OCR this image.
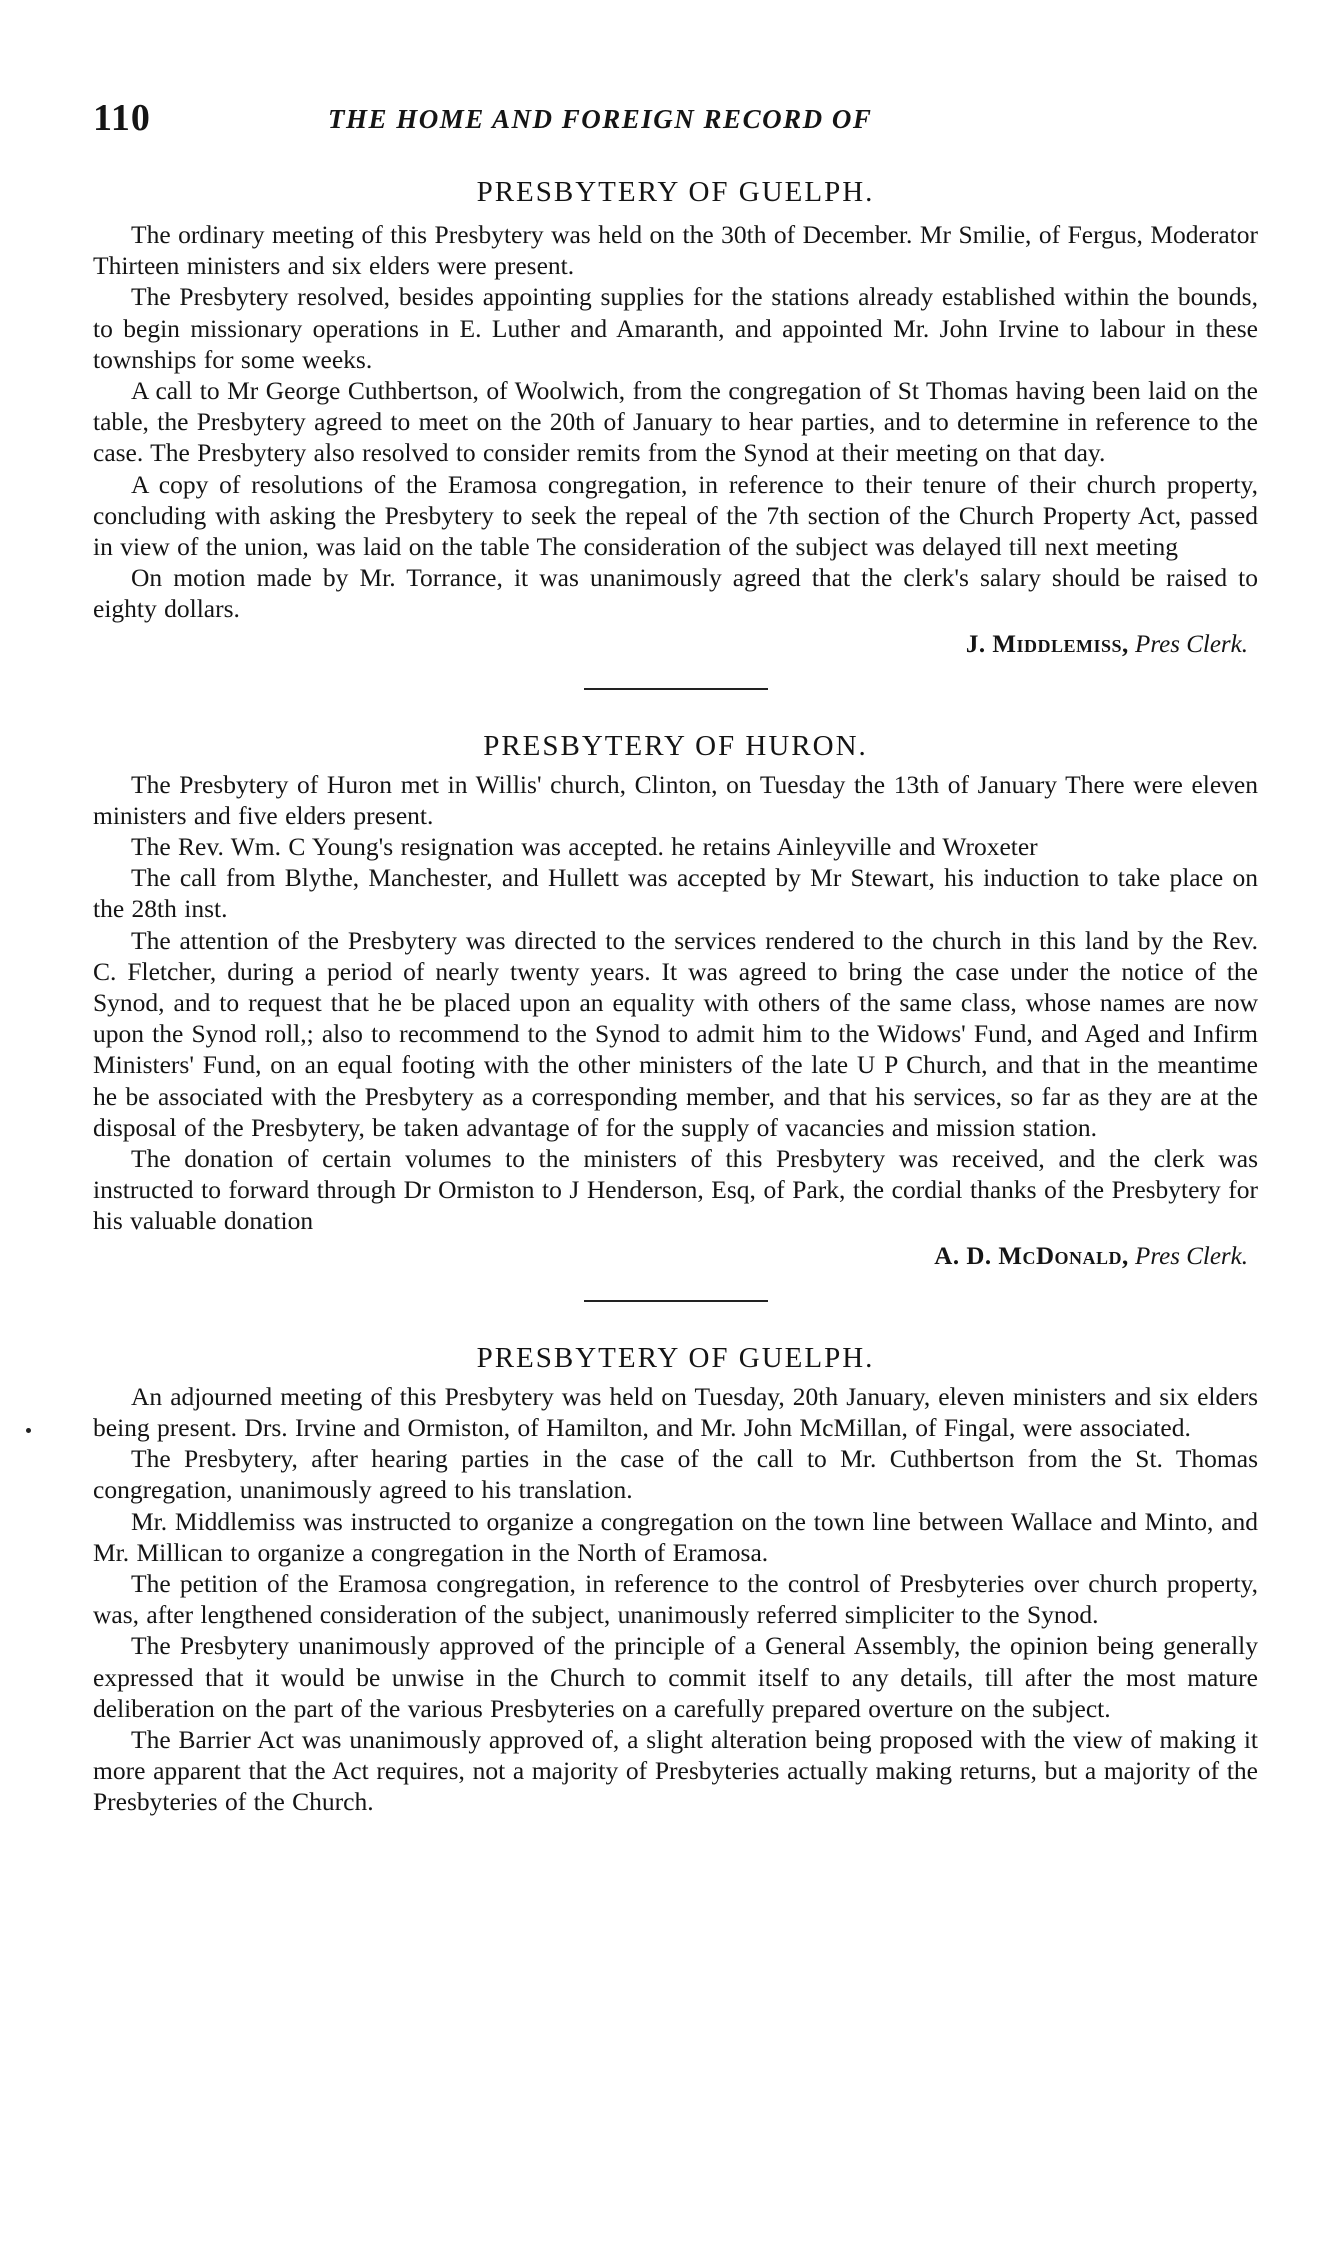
110	THE HOME AND FOREIGN RECORD OF
PRESBYTERY OF GUELPH.

The ordinary meeting of this Presbytery was held on the 30th of December. Mr Smilie, of Fergus, Moderator Thirteen ministers and six elders were present.

The Presbytery resolved, besides appointing supplies for the stations already established within the bounds, to begin missionary operations in E. Luther and Amaranth, and appointed Mr. John Irvine to labour in these townships for some weeks.

A call to Mr George Cuthbertson, of Woolwich, from the congregation of St Thomas having been laid on the table, the Presbytery agreed to meet on the 20th of January to hear parties, and to determine in reference to the case. The Presbytery also resolved to consider remits from the Synod at their meeting on that day.

A copy of resolutions of the Eramosa congregation, in reference to their tenure of their church property, concluding with asking the Presbytery to seek the repeal of the 7th section of the Church Property Act, passed in view of the union, was laid on the table The consideration of the subject was delayed till next meeting

On motion made by Mr. Torrance, it was unanimously agreed that the clerk's salary should be raised to eighty dollars.

J. Middlemiss, Pres Clerk.
PRESBYTERY OF HURON.

The Presbytery of Huron met in Willis' church, Clinton, on Tuesday the 13th of January There were eleven ministers and five elders present.

The Rev. Wm. C Young's resignation was accepted. he retains Ainleyville and Wroxeter

The call from Blythe, Manchester, and Hullett was accepted by Mr Stewart, his induction to take place on the 28th inst.

The attention of the Presbytery was directed to the services rendered to the church in this land by the Rev. C. Fletcher, during a period of nearly twenty years. It was agreed to bring the case under the notice of the Synod, and to request that he be placed upon an equality with others of the same class, whose names are now upon the Synod roll,; also to recommend to the Synod to admit him to the Widows' Fund, and Aged and Infirm Ministers' Fund, on an equal footing with the other ministers of the late U P Church, and that in the meantime he be associated with the Presbytery as a corresponding member, and that his services, so far as they are at the disposal of the Presbytery, be taken advantage of for the supply of vacancies and mission station.

The donation of certain volumes to the ministers of this Presbytery was received, and the clerk was instructed to forward through Dr Ormiston to J Henderson, Esq, of Park, the cordial thanks of the Presbytery for his valuable donation

A. D. McDonald, Pres Clerk.
PRESBYTERY OF GUELPH.

An adjourned meeting of this Presbytery was held on Tuesday, 20th January, eleven ministers and six elders being present. Drs. Irvine and Ormiston, of Hamilton, and Mr. John McMillan, of Fingal, were associated.

The Presbytery, after hearing parties in the case of the call to Mr. Cuthbertson from the St. Thomas congregation, unanimously agreed to his translation.

Mr. Middlemiss was instructed to organize a congregation on the town line between Wallace and Minto, and Mr. Millican to organize a congregation in the North of Eramosa.

The petition of the Eramosa congregation, in reference to the control of Presbyteries over church property, was, after lengthened consideration of the subject, unanimously referred simpliciter to the Synod.

The Presbytery unanimously approved of the principle of a General Assembly, the opinion being generally expressed that it would be unwise in the Church to commit itself to any details, till after the most mature deliberation on the part of the various Presbyteries on a carefully prepared overture on the subject.

The Barrier Act was unanimously approved of, a slight alteration being proposed with the view of making it more apparent that the Act requires, not a majority of Presbyteries actually making returns, but a majority of the Presbyteries of the Church.
